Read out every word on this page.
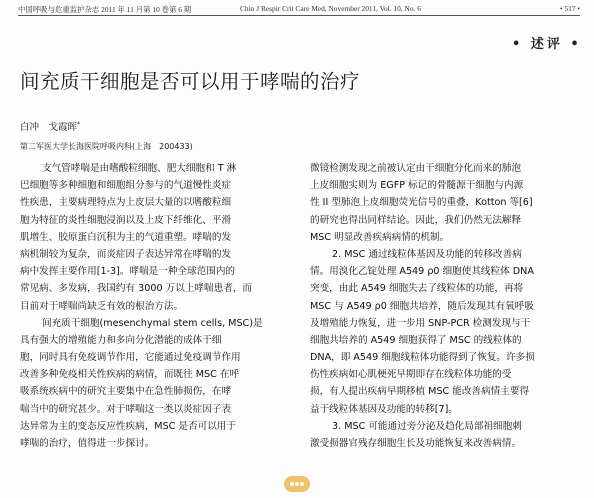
中国呼吸与危重监护杂志 2011 年 11 月第 10 卷第 6 期	Chin J Respir Crit Care Med, November 2011, Vol. 10, No. 6	• 517 •
• 述评 •
间充质干细胞是否可以用于哮喘的治疗
白冲　戈霞晖*
第二军医大学长海医院呼吸内科(上海　200433)
支气管哮喘是由嗜酸粒细胞、肥大细胞和 T 淋
巴细胞等多种细胞和细胞组分参与的气道慢性炎症
性疾患，主要病理特点为上皮层大量的以嗜酸粒细
胞为特征的炎性细胞浸润以及上皮下纤维化、平滑
肌增生、胶原蛋白沉积为主的气道重塑。哮喘的发
病机制较为复杂，而炎症因子表达异常在哮喘的发
病中发挥主要作用[1-3]。哮喘是一种全球范围内的
常见病、多发病，我国约有 3000 万以上哮喘患者，而
目前对于哮喘尚缺乏有效的根治方法。
间充质干细胞(mesenchymal stem cells, MSC)是
具有强大的增殖能力和多向分化潜能的成体干细
胞，同时具有免疫调节作用，它能通过免疫调节作用
改善多种免疫相关性疾病的病情，而既往 MSC 在呼
吸系统疾病中的研究主要集中在急性肺损伤，在哮
喘当中的研究甚少。对于哮喘这一类以炎症因子表
达异常为主的变态反应性疾病，MSC 是否可以用于
哮喘的治疗，值得进一步探讨。
微镜检测发现之前被认定由干细胞分化而来的肺泡
上皮细胞实则为 EGFP 标记的骨髓源干细胞与内源
性 II 型肺泡上皮细胞荧光信号的重叠，Kotton 等[6]
的研究也得出同样结论。因此，我们仍然无法解释
MSC 明显改善疾病病情的机制。
2. MSC 通过线粒体基因及功能的转移改善病
情。用溴化乙锭处理 A549 ρ0 细胞使其线粒体 DNA
突变，由此 A549 细胞失去了线粒体的功能，再将
MSC 与 A549 ρ0 细胞共培养，随后发现其有氧呼吸
及增殖能力恢复，进一步用 SNP-PCR 检测发现与干
细胞共培养的 A549 细胞获得了 MSC 的线粒体的
DNA，即 A549 细胞线粒体功能得到了恢复。许多损
伤性疾病如心肌梗死早期即存在线粒体功能的受
损，有人提出疾病早期移植 MSC 能改善病情主要得
益于线粒体基因及功能的转移[7]。
3. MSC 可能通过旁分泌及趋化局部祖细胞刺
激受损器官残存细胞生长及功能恢复来改善病情。
